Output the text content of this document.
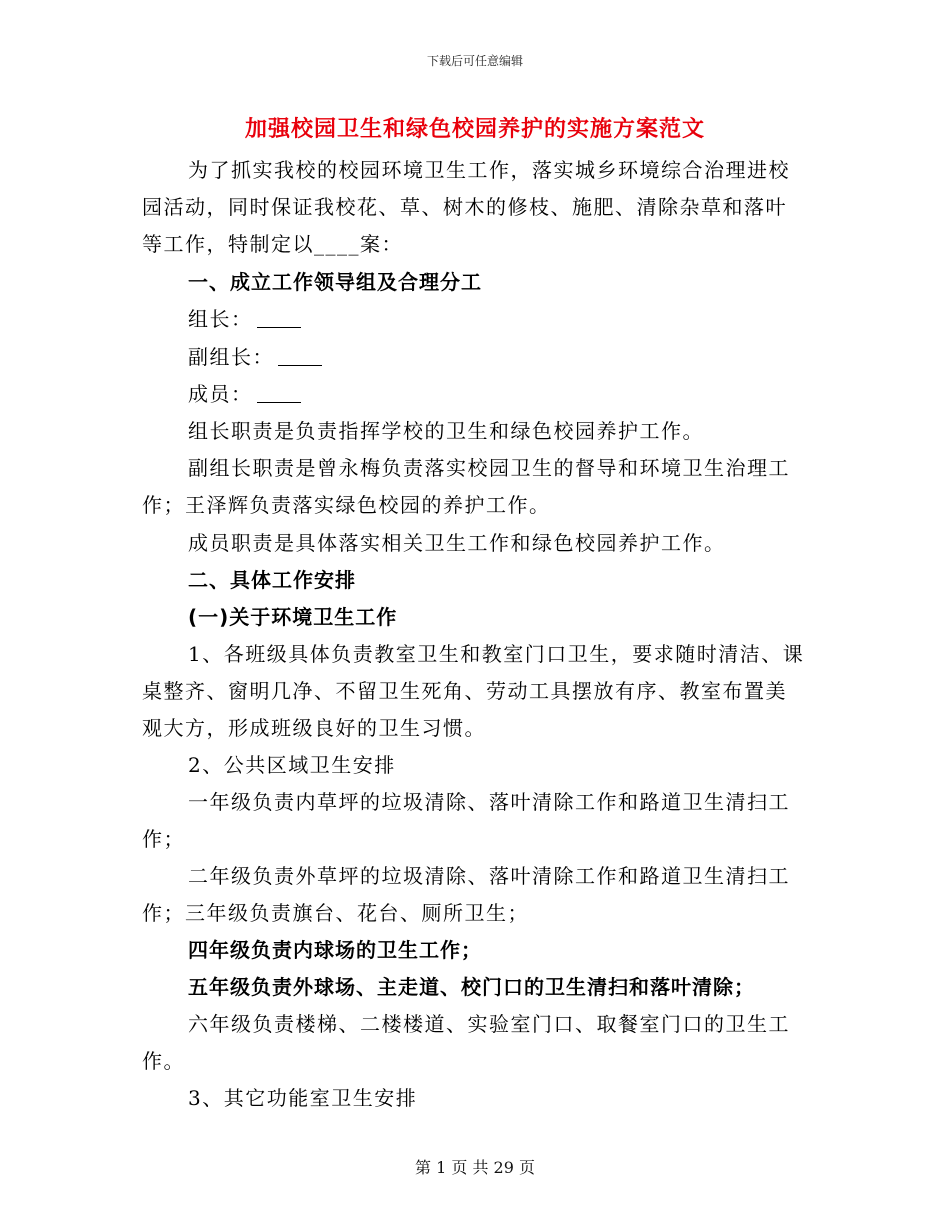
下载后可任意编辑
加强校园卫生和绿色校园养护的实施方案范文
为了抓实我校的校园环境卫生工作，落实城乡环境综合治理进校
园活动，同时保证我校花、草、树木的修枝、施肥、清除杂草和落叶
等工作，特制定以____案：
一、成立工作领导组及合理分工
组长：
副组长：
成员：
组长职责是负责指挥学校的卫生和绿色校园养护工作。
副组长职责是曾永梅负责落实校园卫生的督导和环境卫生治理工
作；王泽辉负责落实绿色校园的养护工作。
成员职责是具体落实相关卫生工作和绿色校园养护工作。
二、具体工作安排
(一)关于环境卫生工作
1、各班级具体负责教室卫生和教室门口卫生，要求随时清洁、课
桌整齐、窗明几净、不留卫生死角、劳动工具摆放有序、教室布置美
观大方，形成班级良好的卫生习惯。
2、公共区域卫生安排
一年级负责内草坪的垃圾清除、落叶清除工作和路道卫生清扫工
作；
二年级负责外草坪的垃圾清除、落叶清除工作和路道卫生清扫工
作；三年级负责旗台、花台、厕所卫生；
四年级负责内球场的卫生工作；
五年级负责外球场、主走道、校门口的卫生清扫和落叶清除；
六年级负责楼梯、二楼楼道、实验室门口、取餐室门口的卫生工
作。
3、其它功能室卫生安排
第 1 页 共 29 页
